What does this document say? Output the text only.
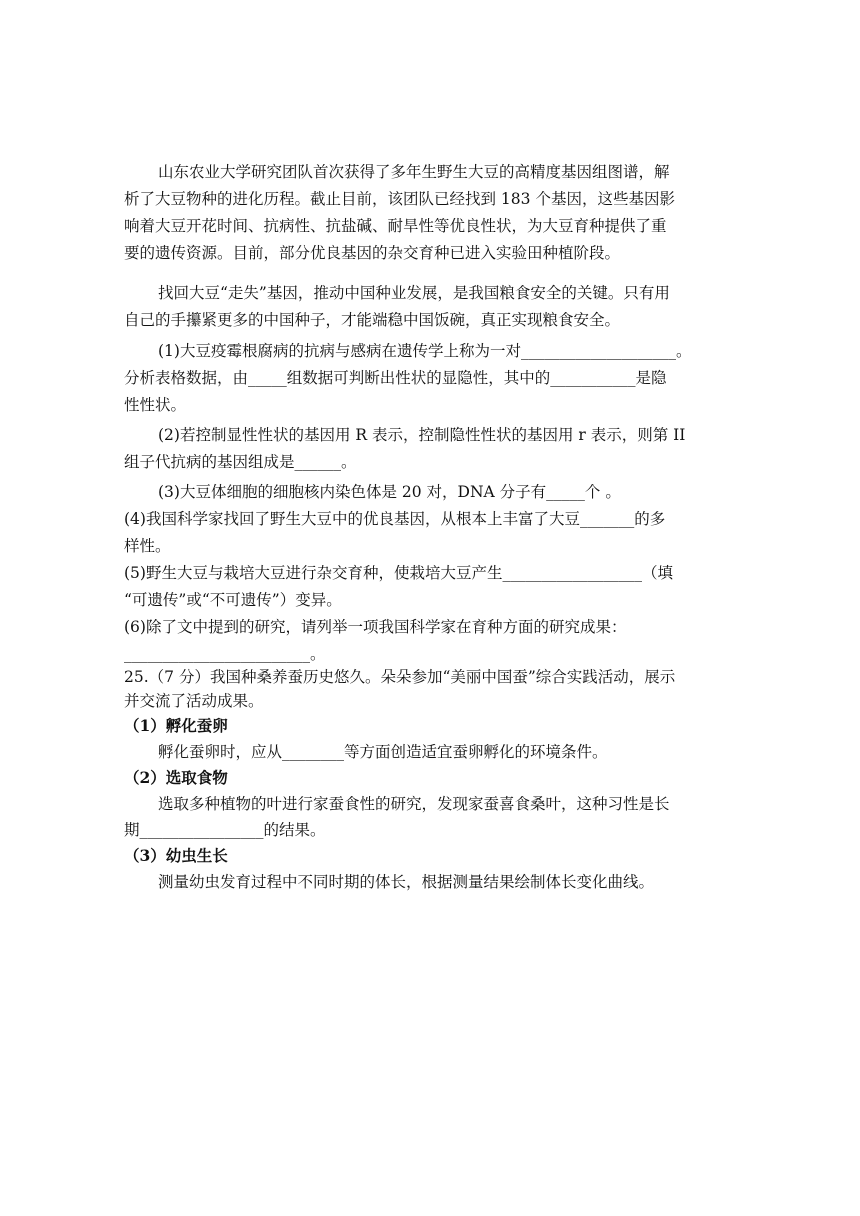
山东农业大学研究团队首次获得了多年生野生大豆的高精度基因组图谱，解
析了大豆物种的进化历程。截止目前，该团队已经找到 183 个基因，这些基因影
响着大豆开花时间、抗病性、抗盐碱、耐旱性等优良性状，为大豆育种提供了重
要的遗传资源。目前，部分优良基因的杂交育种已进入实验田种植阶段。
找回大豆“走失”基因，推动中国种业发展，是我国粮食安全的关键。只有用
自己的手攥紧更多的中国种子，才能端稳中国饭碗，真正实现粮食安全。
(1)大豆疫霉根腐病的抗病与感病在遗传学上称为一对____________________。
分析表格数据，由_____组数据可判断出性状的显隐性，其中的___________是隐
性性状。
(2)若控制显性性状的基因用 R 表示，控制隐性性状的基因用 r 表示，则第 II
组子代抗病的基因组成是______。
(3)大豆体细胞的细胞核内染色体是 20 对，DNA 分子有_____个 。
(4)我国科学家找回了野生大豆中的优良基因，从根本上丰富了大豆_______的多
样性。
(5)野生大豆与栽培大豆进行杂交育种，使栽培大豆产生__________________（填
“可遗传”或“不可遗传”）变异。
(6)除了文中提到的研究，请列举一项我国科学家在育种方面的研究成果：
________________________。
25.（7 分）我国种桑养蚕历史悠久。朵朵参加“美丽中国蚕”综合实践活动，展示
并交流了活动成果。
（1）孵化蚕卵
孵化蚕卵时，应从________等方面创造适宜蚕卵孵化的环境条件。
（2）选取食物
选取多种植物的叶进行家蚕食性的研究，发现家蚕喜食桑叶，这种习性是长
期________________的结果。
（3）幼虫生长
测量幼虫发育过程中不同时期的体长，根据测量结果绘制体长变化曲线。
